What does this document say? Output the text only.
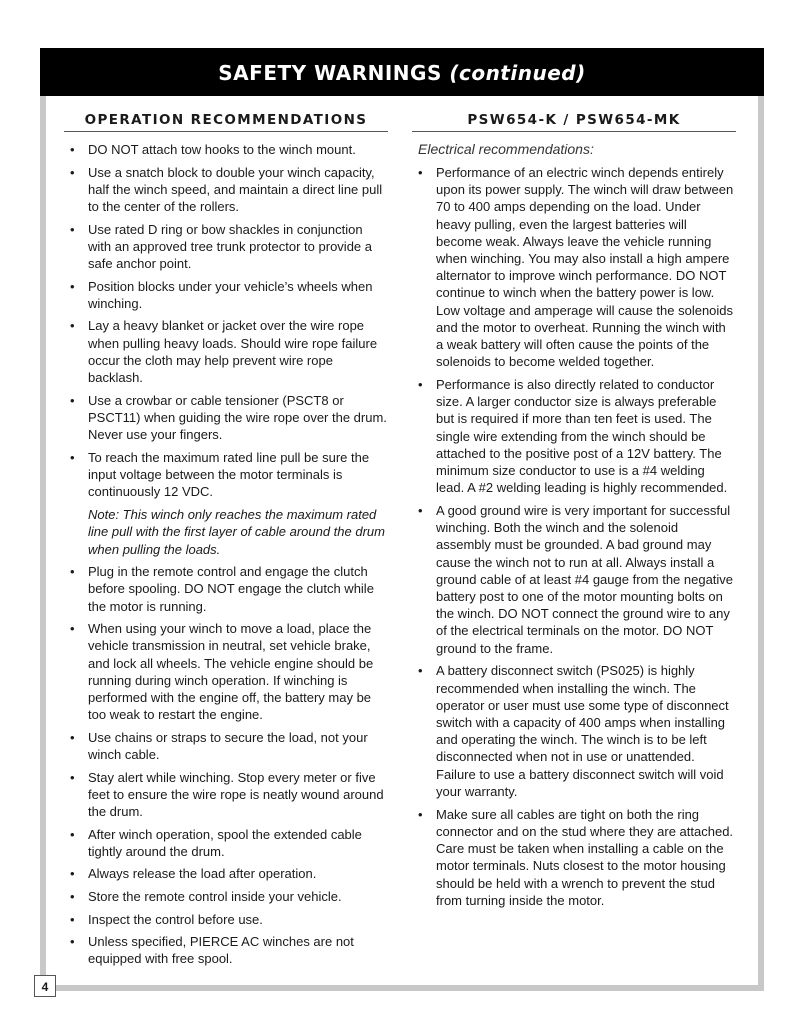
SAFETY WARNINGS (continued)
OPERATION RECOMMENDATIONS
• DO NOT attach tow hooks to the winch mount.
• Use a snatch block to double your winch capacity, half the winch speed, and maintain a direct line pull to the center of the rollers.
• Use rated D ring or bow shackles in conjunction with an approved tree trunk protector to provide a safe anchor point.
• Position blocks under your vehicle’s wheels when winching.
• Lay a heavy blanket or jacket over the wire rope when pulling heavy loads. Should wire rope failure occur the cloth may help prevent wire rope backlash.
• Use a crowbar or cable tensioner (PSCT8 or PSCT11) when guiding the wire rope over the drum. Never use your fingers.
• To reach the maximum rated line pull be sure the input voltage between the motor terminals is continuously 12 VDC.
Note: This winch only reaches the maximum rated line pull with the first layer of cable around the drum when pulling the loads.
• Plug in the remote control and engage the clutch before spooling. DO NOT engage the clutch while the motor is running.
• When using your winch to move a load, place the vehicle transmission in neutral, set vehicle brake, and lock all wheels. The vehicle engine should be running during winch operation. If winching is performed with the engine off, the battery may be too weak to restart the engine.
• Use chains or straps to secure the load, not your winch cable.
• Stay alert while winching. Stop every meter or five feet to ensure the wire rope is neatly wound around the drum.
• After winch operation, spool the extended cable tightly around the drum.
• Always release the load after operation.
• Store the remote control inside your vehicle.
• Inspect the control before use.
• Unless specified, PIERCE AC winches are not equipped with free spool.
PSW654-K / PSW654-MK
Electrical recommendations:
• Performance of an electric winch depends entirely upon its power supply. The winch will draw between 70 to 400 amps depending on the load. Under heavy pulling, even the largest batteries will become weak. Always leave the vehicle running when winching. You may also install a high ampere alternator to improve winch performance. DO NOT continue to winch when the battery power is low. Low voltage and amperage will cause the solenoids and the motor to overheat. Running the winch with a weak battery will often cause the points of the solenoids to become welded together.
• Performance is also directly related to conductor size. A larger conductor size is always preferable but is required if more than ten feet is used. The single wire extending from the winch should be attached to the positive post of a 12V battery. The minimum size conductor to use is a #4 welding lead. A #2 welding leading is highly recommended.
• A good ground wire is very important for successful winching. Both the winch and the solenoid assembly must be grounded. A bad ground may cause the winch not to run at all. Always install a ground cable of at least #4 gauge from the negative battery post to one of the motor mounting bolts on the winch. DO NOT connect the ground wire to any of the electrical terminals on the motor. DO NOT ground to the frame.
• A battery disconnect switch (PS025) is highly recommended when installing the winch. The operator or user must use some type of disconnect switch with a capacity of 400 amps when installing and operating the winch. The winch is to be left disconnected when not in use or unattended. Failure to use a battery disconnect switch will void your warranty.
• Make sure all cables are tight on both the ring connector and on the stud where they are attached. Care must be taken when installing a cable on the motor terminals. Nuts closest to the motor housing should be held with a wrench to prevent the stud from turning inside the motor.
4
